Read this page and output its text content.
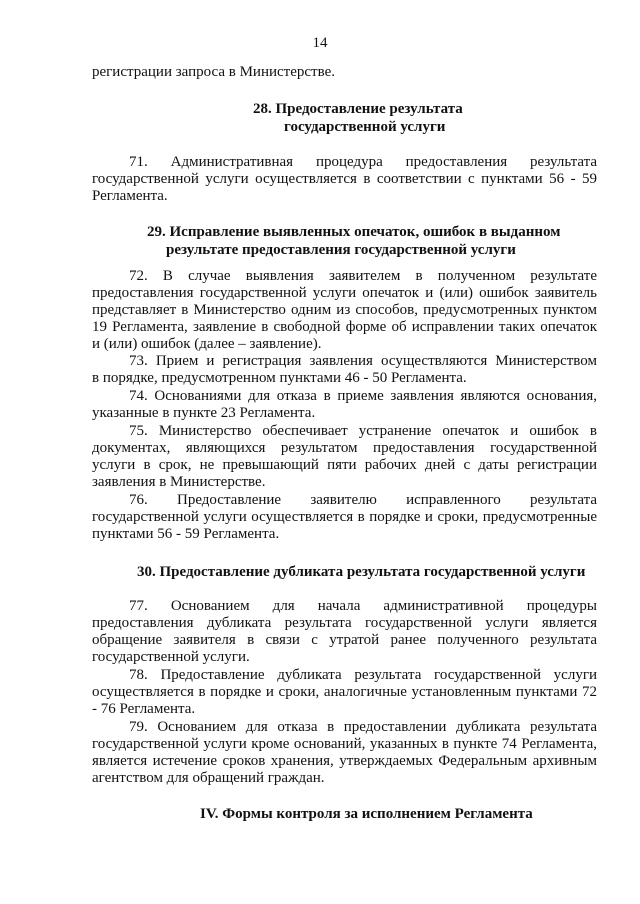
14

регистрации запроса в Министерстве.

28. Предоставление результата
государственной услуги

71. Административная процедура предоставления результата

государственной услуги осуществляется в соответствии с пунктами 56 - 59

Регламента.

29. Исправление выявленных опечаток, ошибок в выданном
результате предоставления государственной услуги

72. В случае выявления заявителем в полученном результате

предоставления государственной услуги опечаток и (или) ошибок заявитель

представляет в Министерство одним из способов, предусмотренных пунктом

19 Регламента, заявление в свободной форме об исправлении таких опечаток

и (или) ошибок (далее – заявление).

73. Прием и регистрация заявления осуществляются Министерством

в порядке, предусмотренном пунктами 46 - 50 Регламента.

74. Основаниями для отказа в приеме заявления являются основания,

указанные в пункте 23 Регламента.

75. Министерство обеспечивает устранение опечаток и ошибок в

документах, являющихся результатом предоставления государственной

услуги в срок, не превышающий пяти рабочих дней с даты регистрации

заявления в Министерстве.

76. Предоставление заявителю исправленного результата

государственной услуги осуществляется в порядке и сроки, предусмотренные

пунктами 56 - 59 Регламента.

30. Предоставление дубликата результата государственной услуги

77. Основанием для начала административной процедуры

предоставления дубликата результата государственной услуги является

обращение заявителя в связи с утратой ранее полученного результата

государственной услуги.

78. Предоставление дубликата результата государственной услуги

осуществляется в порядке и сроки, аналогичные установленным пунктами 72

- 76 Регламента.

79. Основанием для отказа в предоставлении дубликата результата

государственной услуги кроме оснований, указанных в пункте 74 Регламента,

является истечение сроков хранения, утверждаемых Федеральным архивным

агентством для обращений граждан.

IV. Формы контроля за исполнением Регламента
